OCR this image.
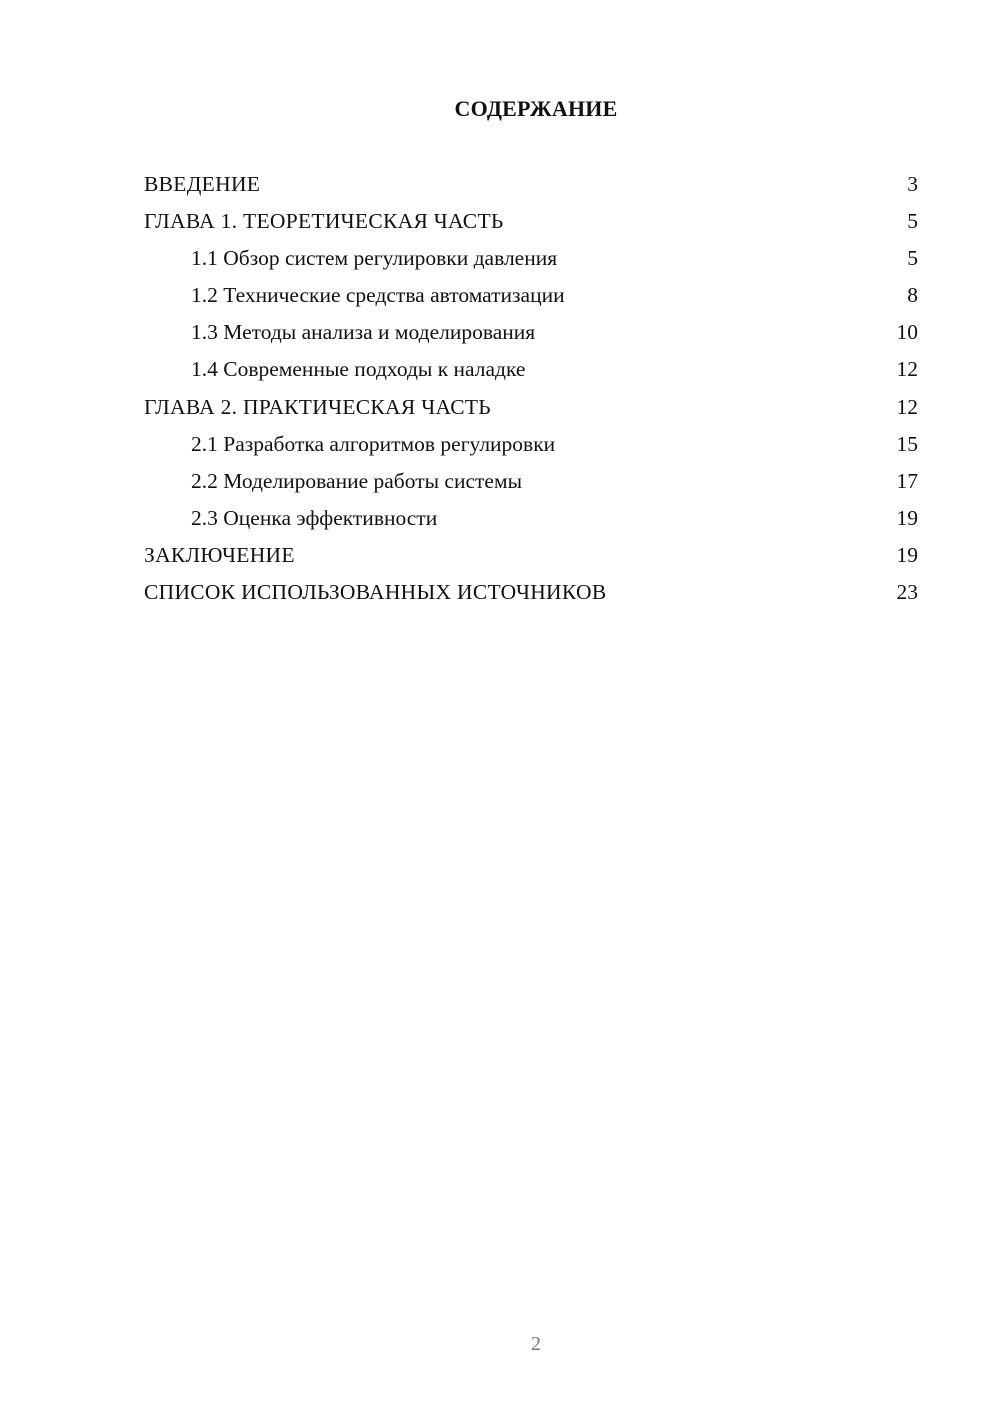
СОДЕРЖАНИЕ
ВВЕДЕНИЕ	3
ГЛАВА 1. ТЕОРЕТИЧЕСКАЯ ЧАСТЬ	5
1.1 Обзор систем регулировки давления	5
1.2 Технические средства автоматизации	8
1.3 Методы анализа и моделирования	10
1.4 Современные подходы к наладке	12
ГЛАВА 2. ПРАКТИЧЕСКАЯ ЧАСТЬ	12
2.1 Разработка алгоритмов регулировки	15
2.2 Моделирование работы системы	17
2.3 Оценка эффективности	19
ЗАКЛЮЧЕНИЕ	19
СПИСОК ИСПОЛЬЗОВАННЫХ ИСТОЧНИКОВ	23
2
